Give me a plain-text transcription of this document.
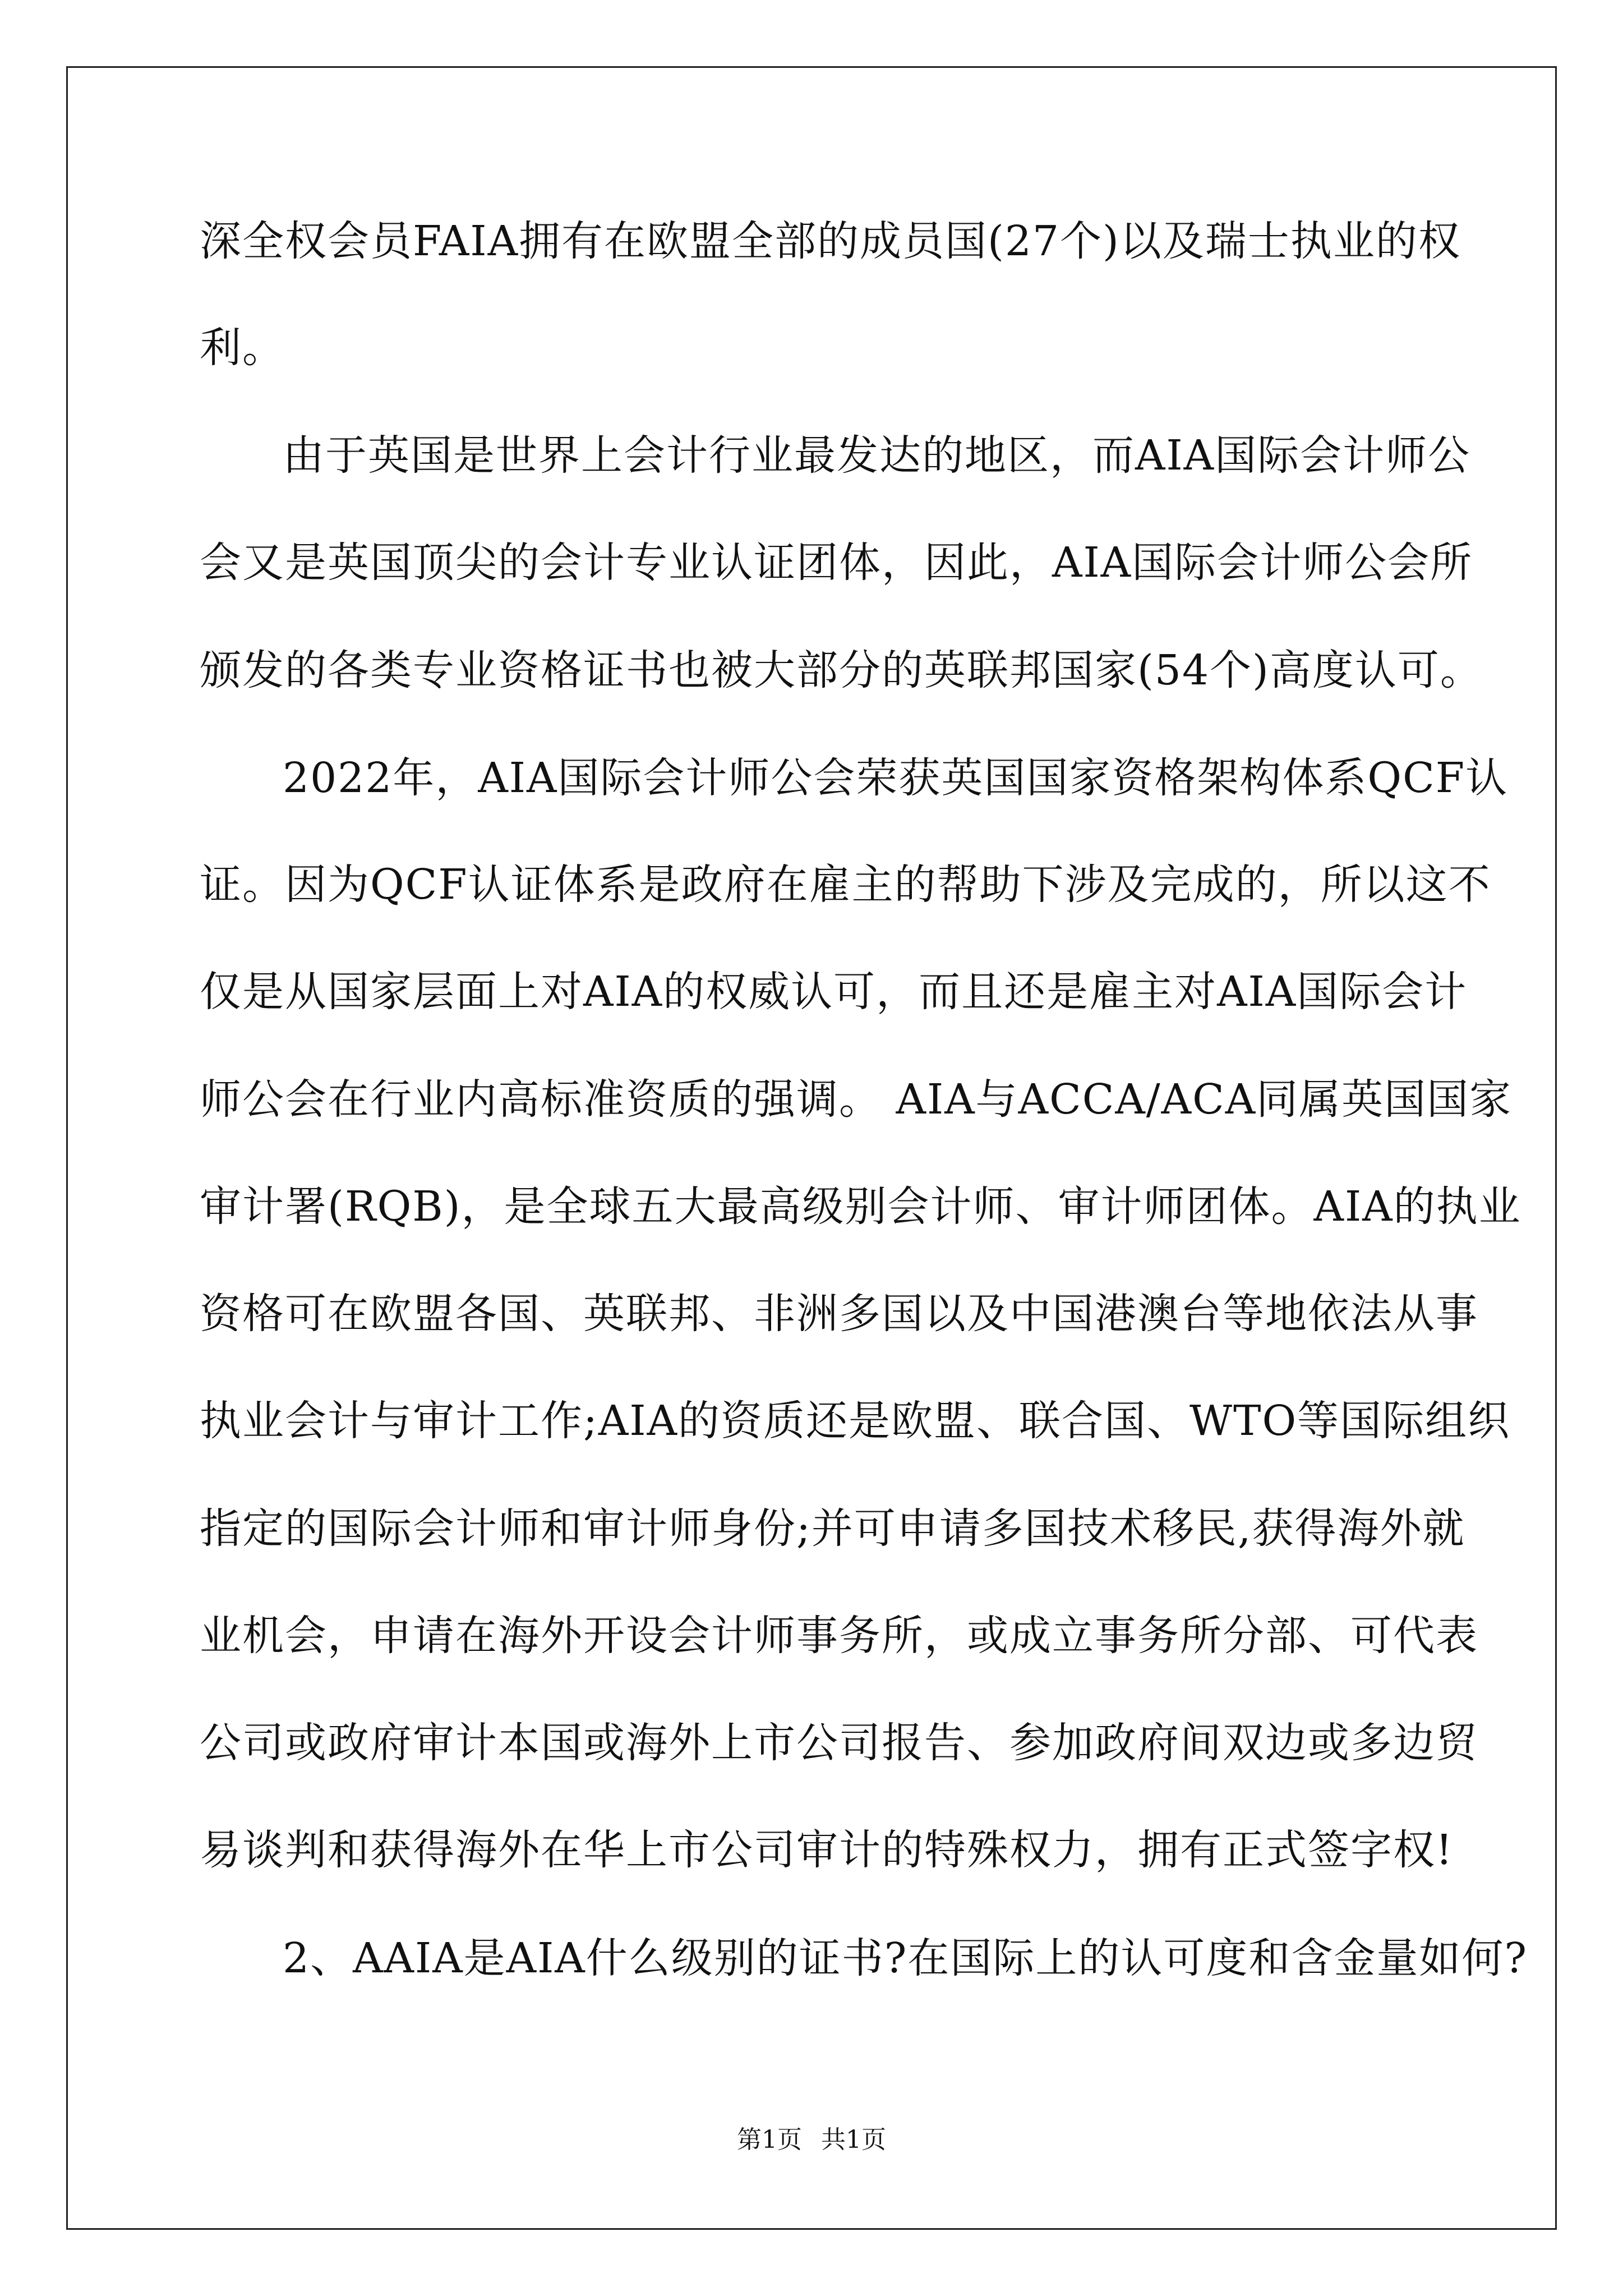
深全权会员FAIA拥有在欧盟全部的成员国(27个)以及瑞士执业的权
利。
由于英国是世界上会计行业最发达的地区，而AIA国际会计师公
会又是英国顶尖的会计专业认证团体，因此，AIA国际会计师公会所
颁发的各类专业资格证书也被大部分的英联邦国家(54个)高度认可。
2022年，AIA国际会计师公会荣获英国国家资格架构体系QCF认
证。因为QCF认证体系是政府在雇主的帮助下涉及完成的，所以这不
仅是从国家层面上对AIA的权威认可，而且还是雇主对AIA国际会计
师公会在行业内高标准资质的强调。 AIA与ACCA/ACA同属英国国家
审计署(RQB)，是全球五大最高级别会计师、审计师团体。AIA的执业
资格可在欧盟各国、英联邦、非洲多国以及中国港澳台等地依法从事
执业会计与审计工作;AIA的资质还是欧盟、联合国、WTO等国际组织
指定的国际会计师和审计师身份;并可申请多国技术移民,获得海外就
业机会，申请在海外开设会计师事务所，或成立事务所分部、可代表
公司或政府审计本国或海外上市公司报告、参加政府间双边或多边贸
易谈判和获得海外在华上市公司审计的特殊权力，拥有正式签字权!
2、AAIA是AIA什么级别的证书?在国际上的认可度和含金量如何?
第1页 共1页
